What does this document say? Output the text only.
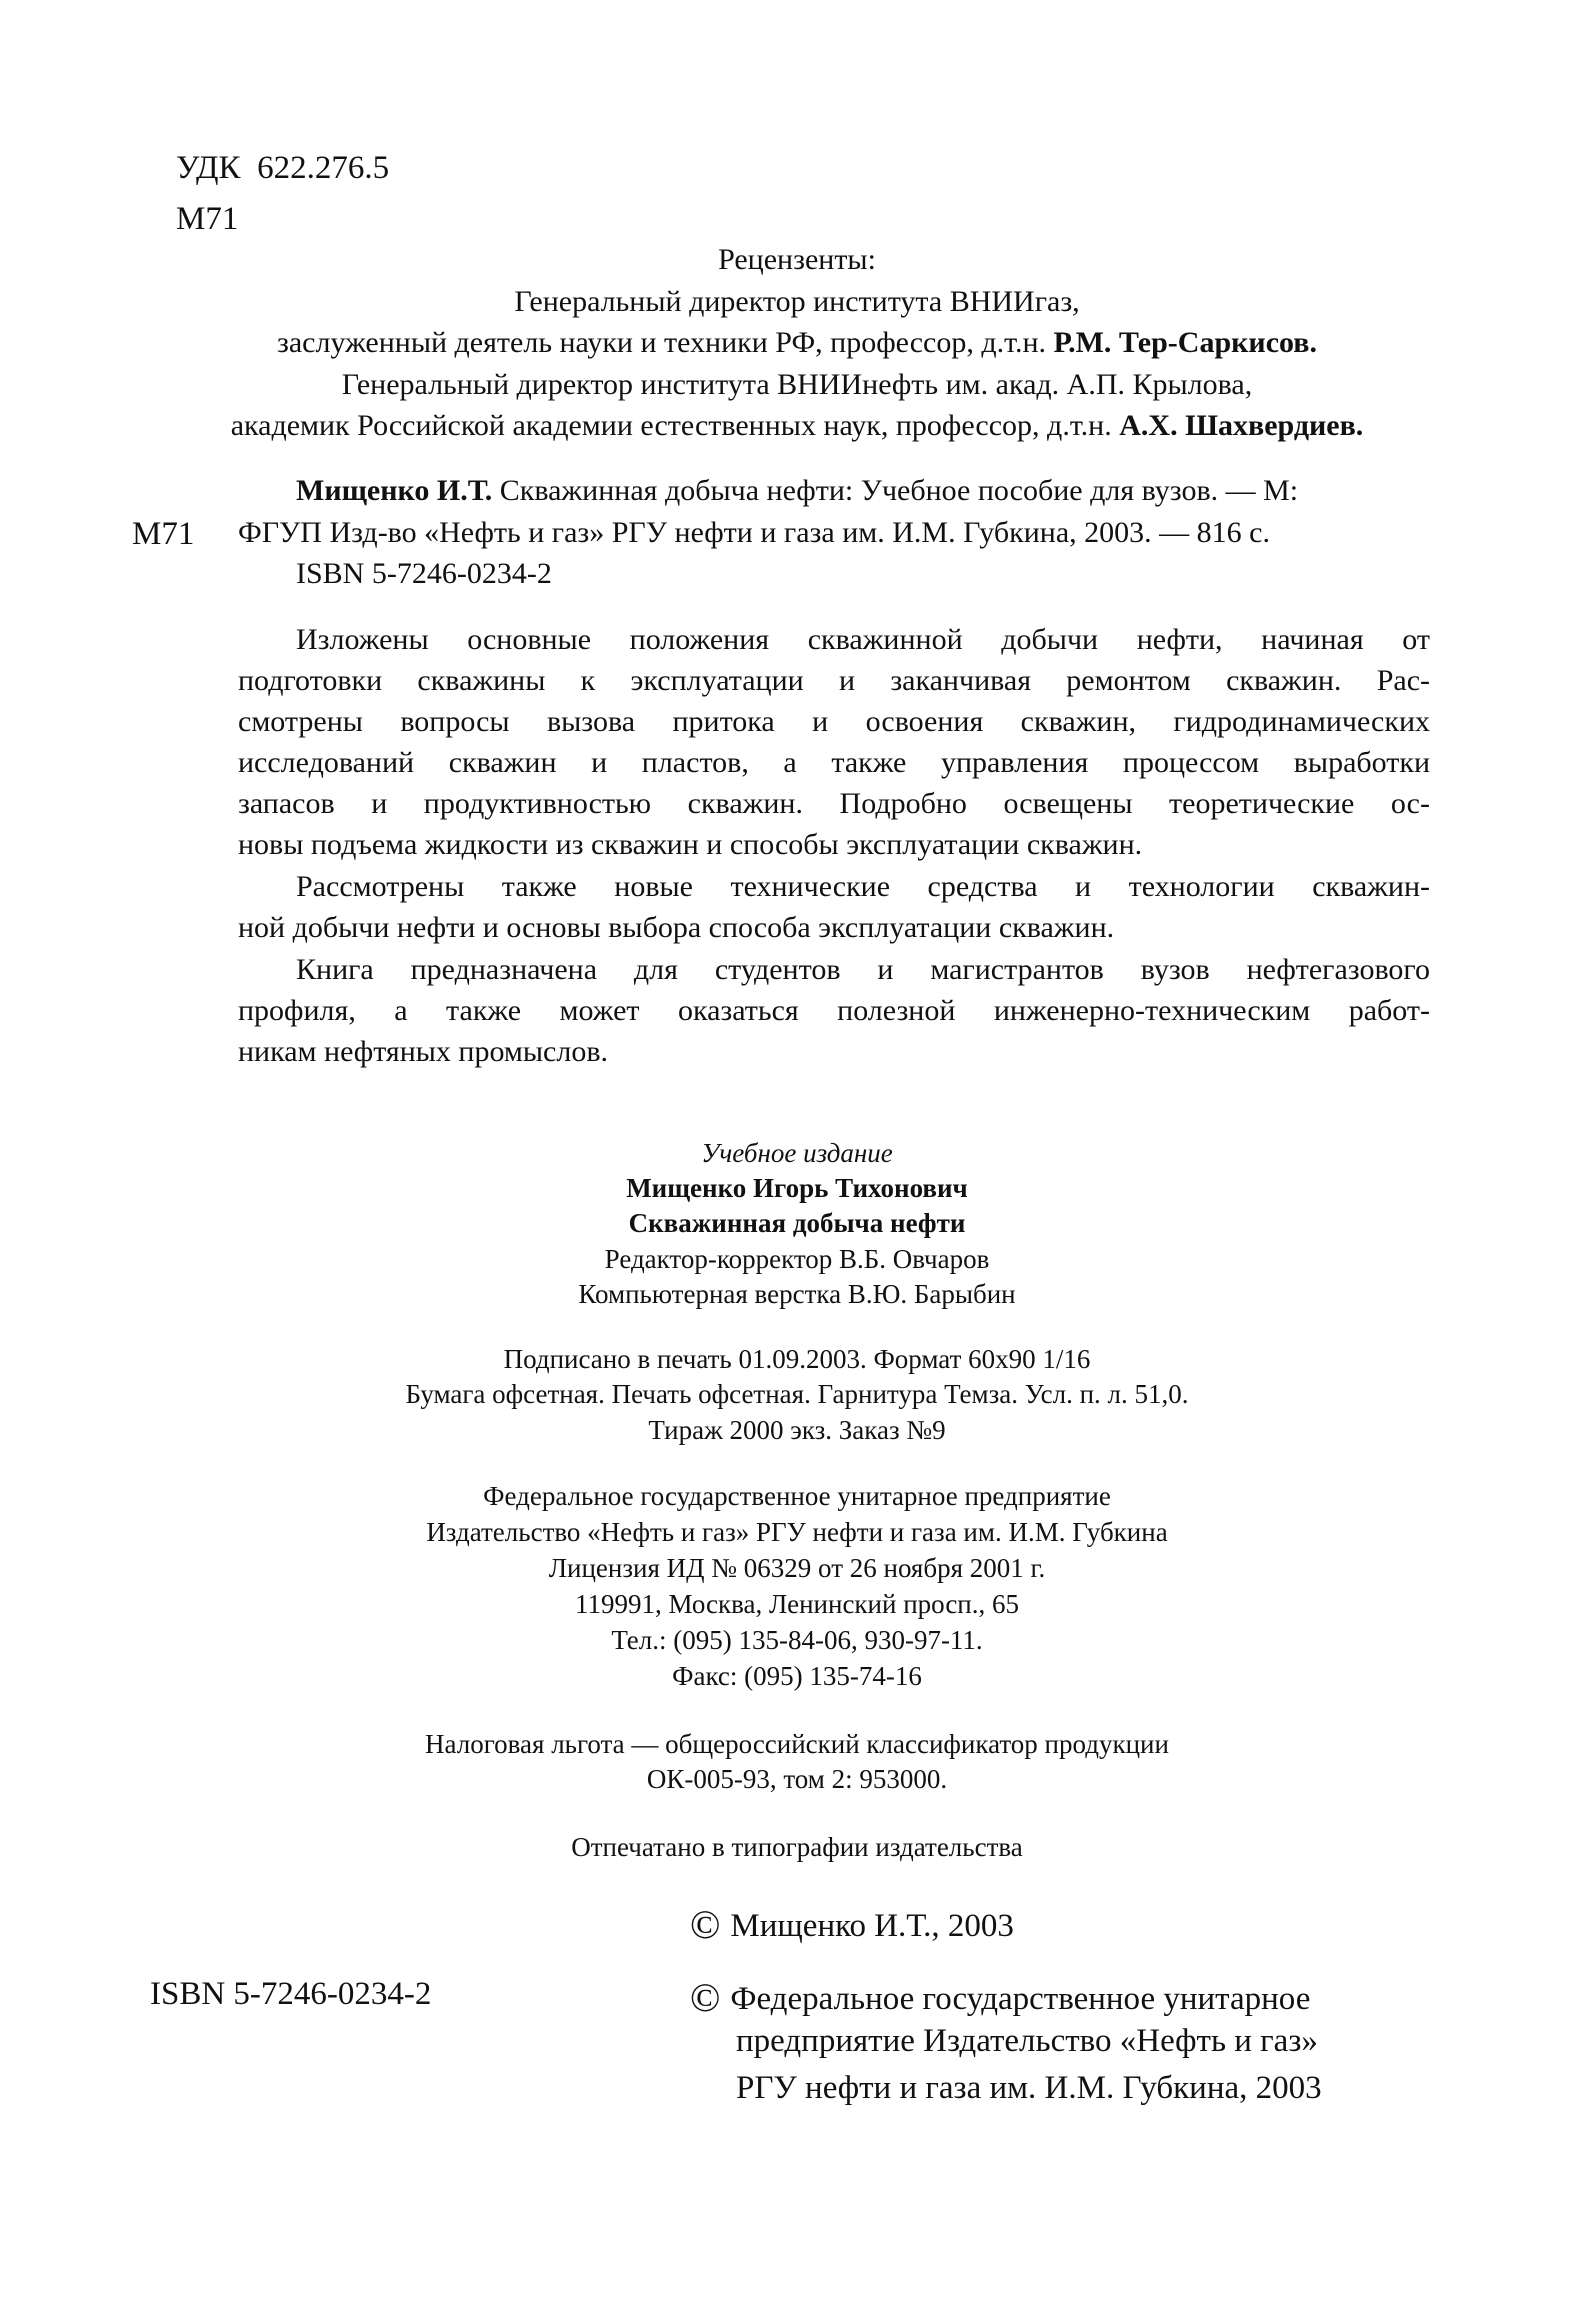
УДК 622.276.5
М71
Рецензенты:
Генеральный директор института ВНИИгаз,
заслуженный деятель науки и техники РФ, профессор, д.т.н. Р.М. Тер-Саркисов.
Генеральный директор института ВНИИнефть им. акад. А.П. Крылова,
академик Российской академии естественных наук, профессор, д.т.н. А.Х. Шахвердиев.
Мищенко И.Т. Скважинная добыча нефти: Учебное пособие для вузов. — М:
М71 ФГУП Изд-во «Нефть и газ» РГУ нефти и газа им. И.М. Губкина, 2003. — 816 с.
ISBN 5-7246-0234-2
Изложены основные положения скважинной добычи нефти, начиная от
подготовки скважины к эксплуатации и заканчивая ремонтом скважин. Рас-
смотрены вопросы вызова притока и освоения скважин, гидродинамических
исследований скважин и пластов, а также управления процессом выработки
запасов и продуктивностью скважин. Подробно освещены теоретические ос-
новы подъема жидкости из скважин и способы эксплуатации скважин.
Рассмотрены также новые технические средства и технологии скважин-
ной добычи нефти и основы выбора способа эксплуатации скважин.
Книга предназначена для студентов и магистрантов вузов нефтегазового
профиля, а также может оказаться полезной инженерно-техническим работ-
никам нефтяных промыслов.
Учебное издание
Мищенко Игорь Тихонович
Скважинная добыча нефти
Редактор-корректор В.Б. Овчаров
Компьютерная верстка В.Ю. Барыбин
Подписано в печать 01.09.2003. Формат 60х90 1/16
Бумага офсетная. Печать офсетная. Гарнитура Темза. Усл. п. л. 51,0.
Тираж 2000 экз. Заказ №9
Федеральное государственное унитарное предприятие
Издательство «Нефть и газ» РГУ нефти и газа им. И.М. Губкина
Лицензия ИД № 06329 от 26 ноября 2001 г.
119991, Москва, Ленинский просп., 65
Тел.: (095) 135-84-06, 930-97-11.
Факс: (095) 135-74-16
Налоговая льгота — общероссийский классификатор продукции
ОК-005-93, том 2: 953000.
Отпечатано в типографии издательства
© Мищенко И.Т., 2003
ISBN 5-7246-0234-2	© Федеральное государственное унитарное
предприятие Издательство «Нефть и газ»
РГУ нефти и газа им. И.М. Губкина, 2003
